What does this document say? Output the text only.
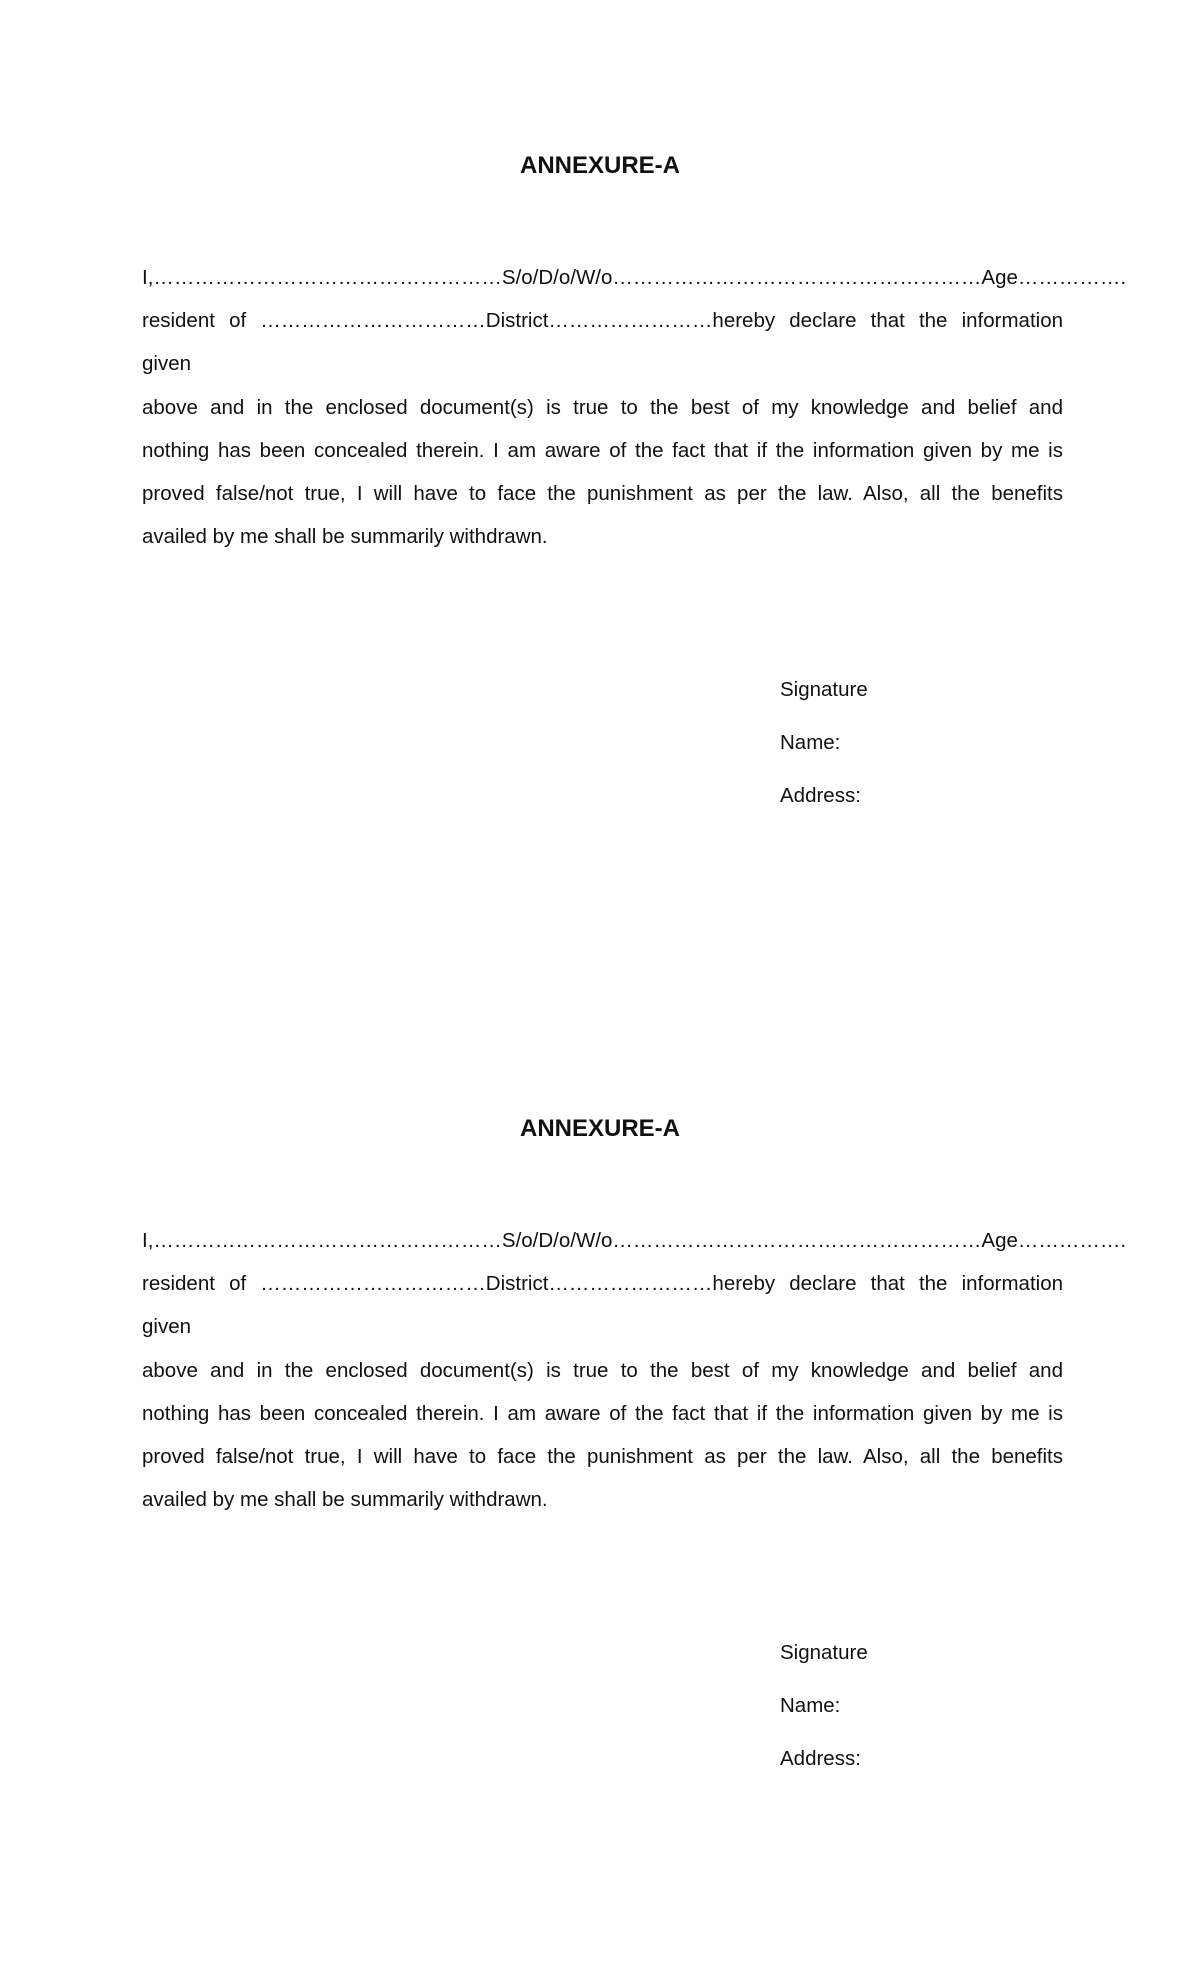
ANNEXURE-A

I,……………………………………………S/o/D/o/W/o………………………………………………Age…………….
resident of ……………………………District……………………hereby declare that the information given
above and in the enclosed document(s) is true to the best of my knowledge and belief and
nothing has been concealed therein. I am aware of the fact that if the information given by me is
proved false/not true, I will have to face the punishment as per the law. Also, all the benefits
availed by me shall be summarily withdrawn.

Signature
Name:
Address:
ANNEXURE-A

I,……………………………………………S/o/D/o/W/o………………………………………………Age…………….
resident of ……………………………District……………………hereby declare that the information given
above and in the enclosed document(s) is true to the best of my knowledge and belief and
nothing has been concealed therein. I am aware of the fact that if the information given by me is
proved false/not true, I will have to face the punishment as per the law. Also, all the benefits
availed by me shall be summarily withdrawn.

Signature
Name:
Address:
